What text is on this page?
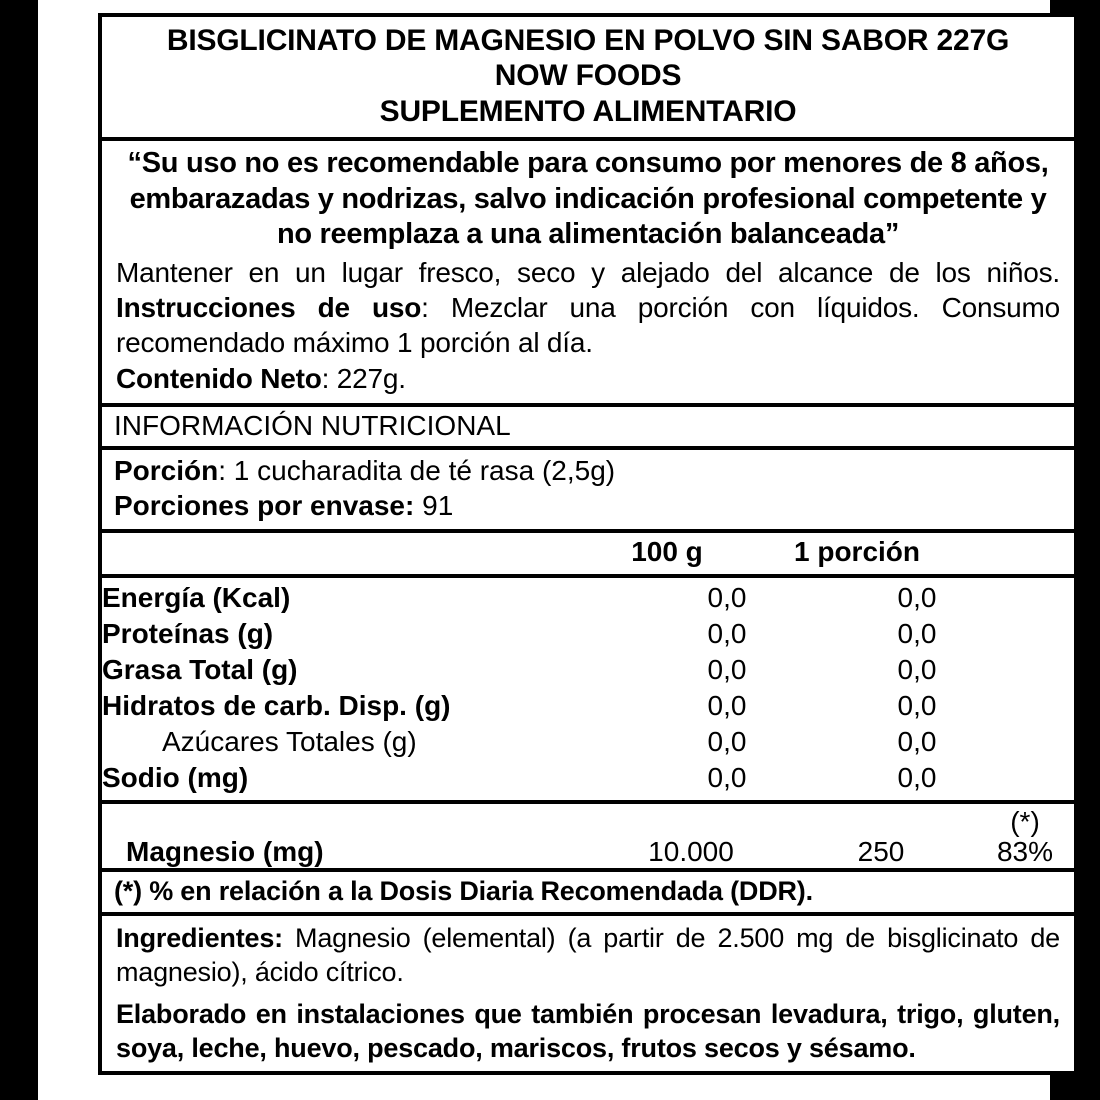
BISGLICINATO DE MAGNESIO EN POLVO SIN SABOR 227G
NOW FOODS
SUPLEMENTO ALIMENTARIO
“Su uso no es recomendable para consumo por menores de 8 años, embarazadas y nodrizas, salvo indicación profesional competente y no reemplaza a una alimentación balanceada”
Mantener en un lugar fresco, seco y alejado del alcance de los niños. Instrucciones de uso: Mezclar una porción con líquidos. Consumo recomendado máximo 1 porción al día.
Contenido Neto: 227g.
INFORMACIÓN NUTRICIONAL
Porción: 1 cucharadita de té rasa (2,5g)
Porciones por envase: 91
	100 g	1 porción	
Energía (Kcal)	0,0	0,0	
Proteínas (g)	0,0	0,0	
Grasa Total (g)	0,0	0,0	
Hidratos de carb. Disp. (g)	0,0	0,0	
Azúcares Totales (g)	0,0	0,0	
Sodio (mg)	0,0	0,0	
			(*)
Magnesio (mg)	10.000	250	83%
(*) % en relación a la Dosis Diaria Recomendada (DDR).
Ingredientes: Magnesio (elemental) (a partir de 2.500 mg de bisglicinato de magnesio), ácido cítrico.
Elaborado en instalaciones que también procesan levadura, trigo, gluten, soya, leche, huevo, pescado, mariscos, frutos secos y sésamo.
